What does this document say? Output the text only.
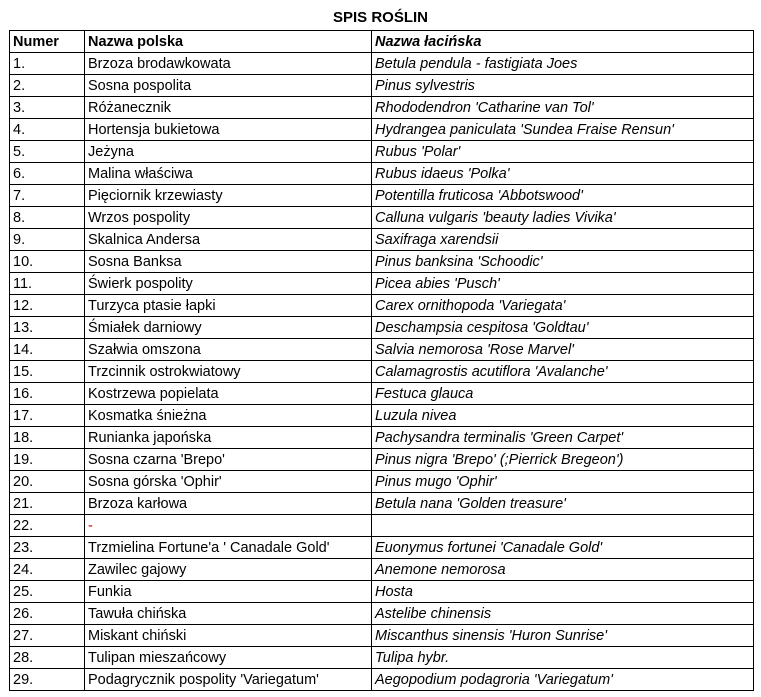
SPIS ROŚLIN
Numer	Nazwa polska	Nazwa łacińska
1.	Brzoza brodawkowata	Betula pendula - fastigiata Joes
2.	Sosna pospolita	Pinus sylvestris
3.	Różanecznik	Rhododendron 'Catharine van Tol'
4.	Hortensja bukietowa	Hydrangea paniculata 'Sundea Fraise Rensun'
5.	Jeżyna	Rubus 'Polar'
6.	Malina właściwa	Rubus idaeus 'Polka'
7.	Pięciornik krzewiasty	Potentilla fruticosa 'Abbotswood'
8.	Wrzos pospolity	Calluna vulgaris 'beauty ladies Vivika'
9.	Skalnica Andersa	Saxifraga xarendsii
10.	Sosna Banksa	Pinus banksina 'Schoodic'
11.	Świerk pospolity	Picea abies 'Pusch'
12.	Turzyca ptasie łapki	Carex ornithopoda 'Variegata'
13.	Śmiałek darniowy	Deschampsia cespitosa 'Goldtau'
14.	Szałwia omszona	Salvia nemorosa 'Rose Marvel'
15.	Trzcinnik ostrokwiatowy	Calamagrostis acutiflora 'Avalanche'
16.	Kostrzewa popielata	Festuca glauca
17.	Kosmatka śnieżna	Luzula nivea
18.	Runianka japońska	Pachysandra terminalis 'Green Carpet'
19.	Sosna czarna 'Brepo'	Pinus nigra 'Brepo' (;Pierrick Bregeon')
20.	Sosna górska 'Ophir'	Pinus mugo 'Ophir'
21.	Brzoza karłowa	Betula nana 'Golden treasure'
22.	-	
23.	Trzmielina Fortune'a ' Canadale Gold'	Euonymus fortunei 'Canadale Gold'
24.	Zawilec gajowy	Anemone nemorosa
25.	Funkia	Hosta
26.	Tawuła chińska	Astelibe chinensis
27.	Miskant chiński	Miscanthus sinensis 'Huron Sunrise'
28.	Tulipan mieszańcowy	Tulipa hybr.
29.	Podagrycznik pospolity 'Variegatum'	Aegopodium podagroria 'Variegatum'
